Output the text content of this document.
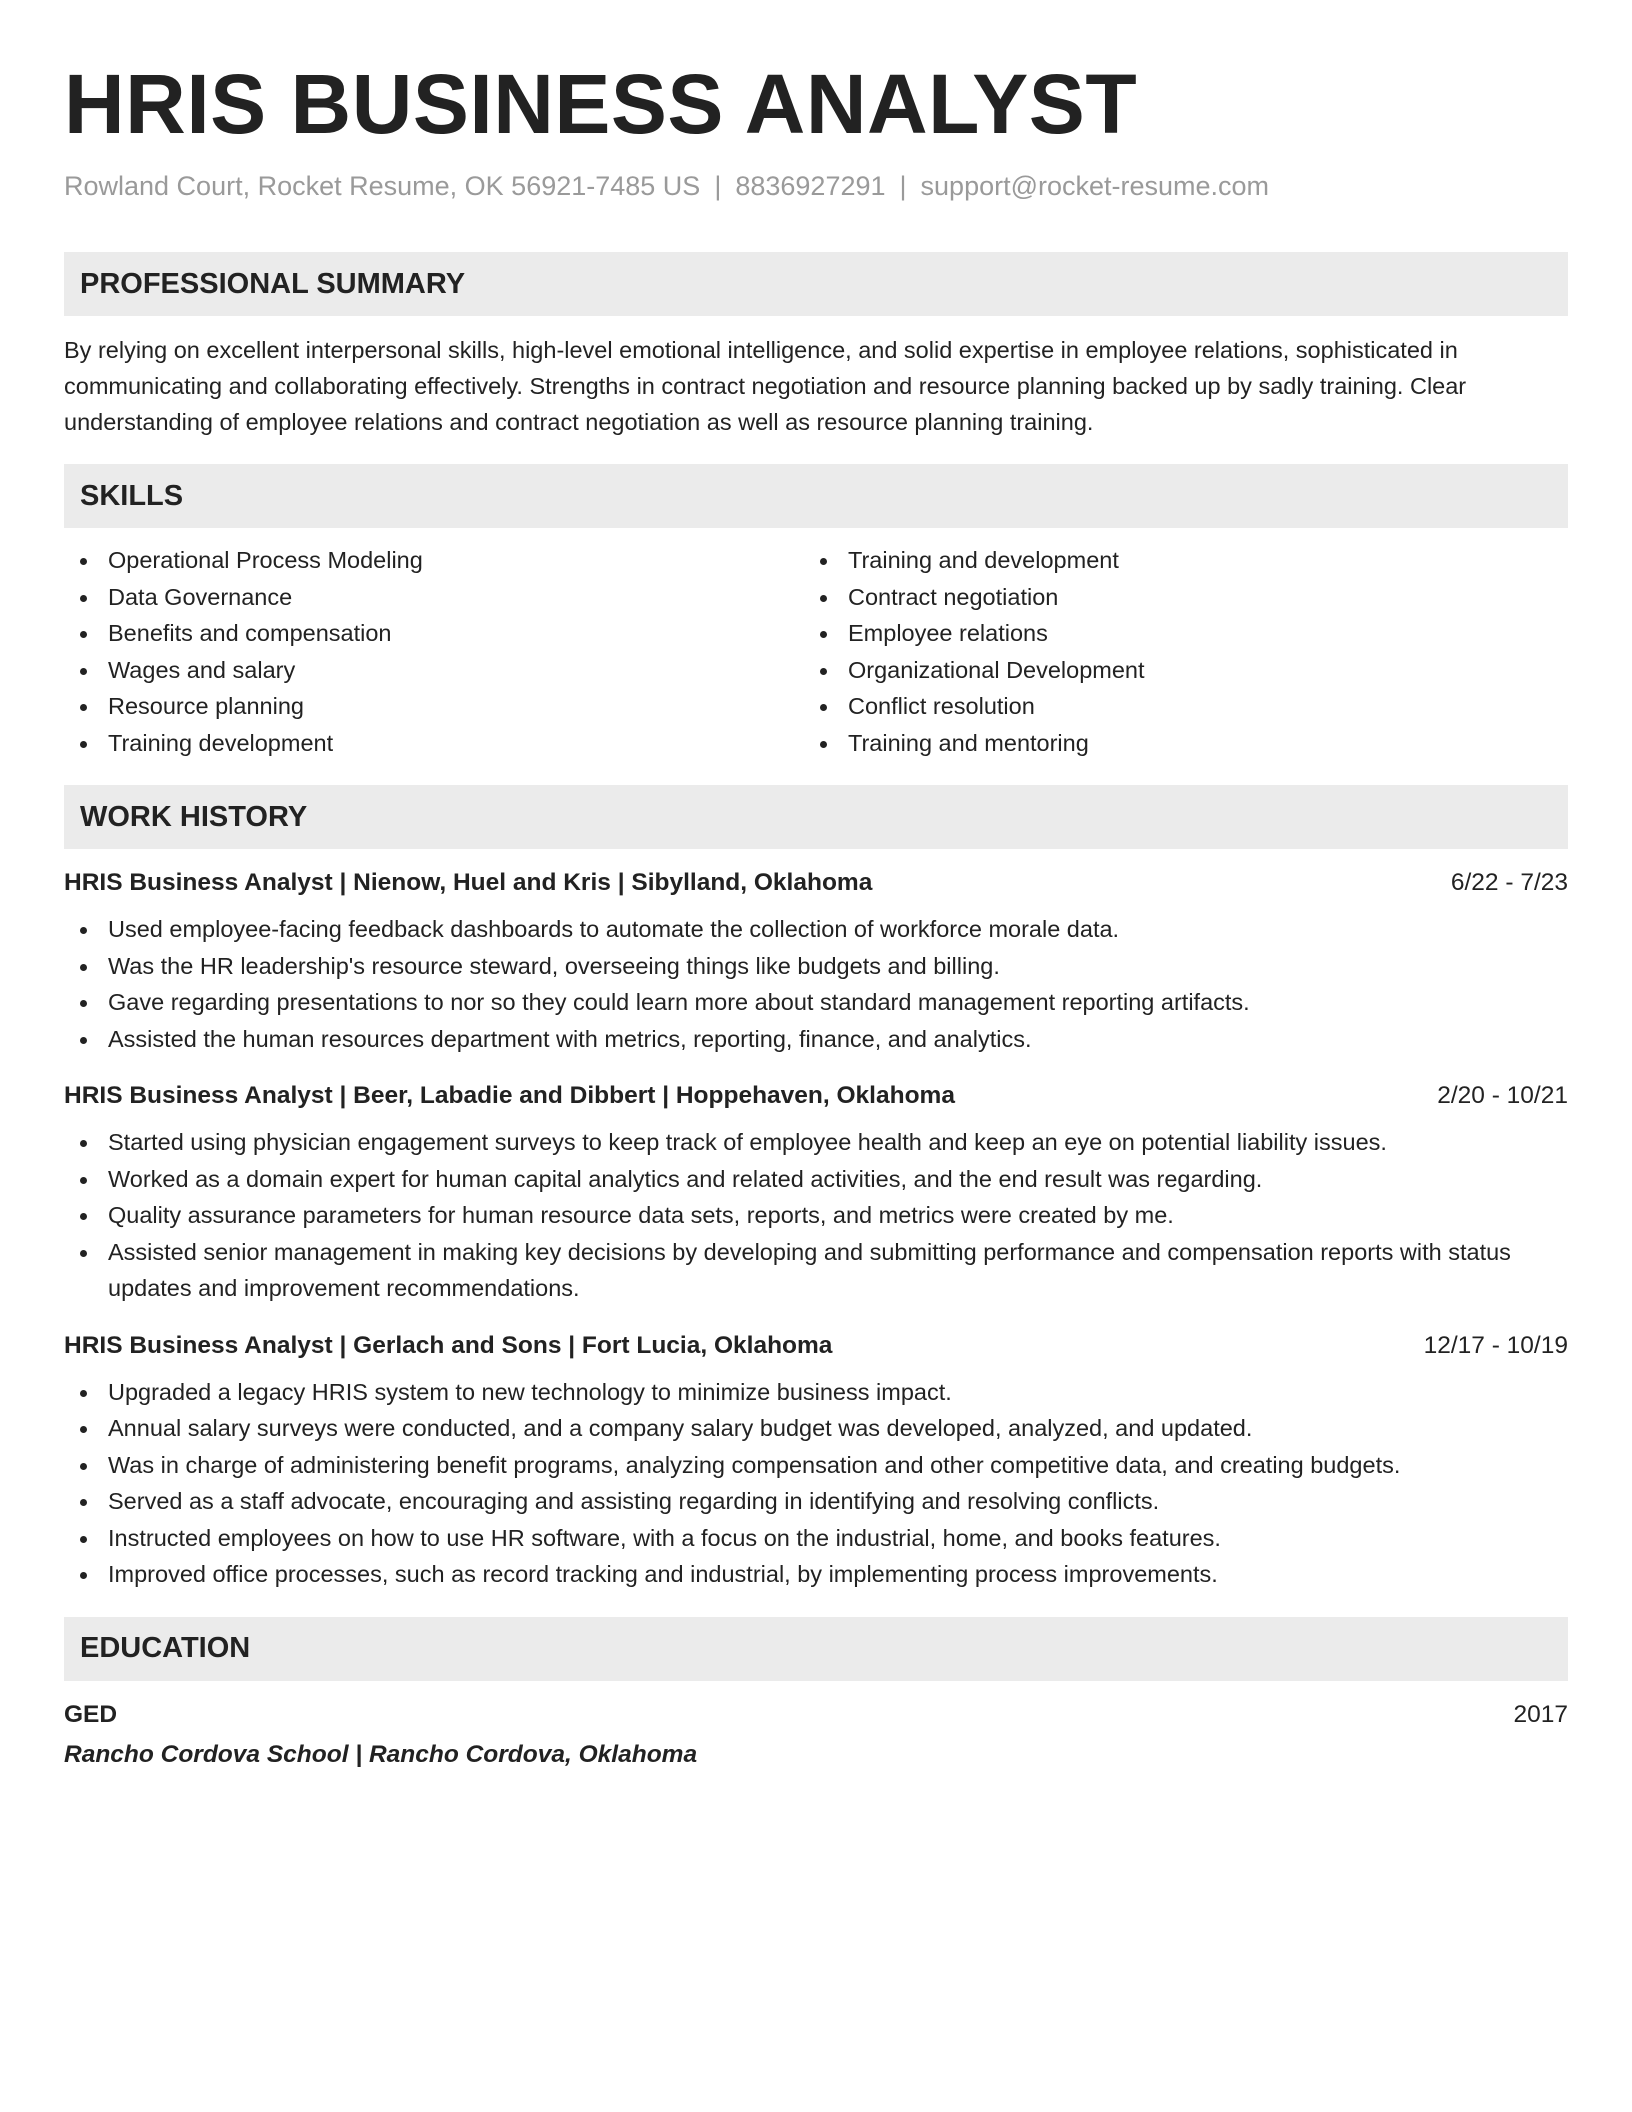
HRIS BUSINESS ANALYST
Rowland Court, Rocket Resume, OK 56921-7485 US | 8836927291 | support@rocket-resume.com
PROFESSIONAL SUMMARY

By relying on excellent interpersonal skills, high-level emotional intelligence, and solid expertise in employee relations, sophisticated in communicating and collaborating effectively. Strengths in contract negotiation and resource planning backed up by sadly training. Clear understanding of employee relations and contract negotiation as well as resource planning training.

SKILLS
Operational Process Modeling
Data Governance
Benefits and compensation
Wages and salary
Resource planning
Training development
Training and development
Contract negotiation
Employee relations
Organizational Development
Conflict resolution
Training and mentoring
WORK HISTORY
HRIS Business Analyst | Nienow, Huel and Kris | Sibylland, Oklahoma	6/22 - 7/23
Used employee-facing feedback dashboards to automate the collection of workforce morale data.
Was the HR leadership's resource steward, overseeing things like budgets and billing.
Gave regarding presentations to nor so they could learn more about standard management reporting artifacts.
Assisted the human resources department with metrics, reporting, finance, and analytics.
HRIS Business Analyst | Beer, Labadie and Dibbert | Hoppehaven, Oklahoma	2/20 - 10/21
Started using physician engagement surveys to keep track of employee health and keep an eye on potential liability issues.
Worked as a domain expert for human capital analytics and related activities, and the end result was regarding.
Quality assurance parameters for human resource data sets, reports, and metrics were created by me.
Assisted senior management in making key decisions by developing and submitting performance and compensation reports with status updates and improvement recommendations.
HRIS Business Analyst | Gerlach and Sons | Fort Lucia, Oklahoma	12/17 - 10/19
Upgraded a legacy HRIS system to new technology to minimize business impact.
Annual salary surveys were conducted, and a company salary budget was developed, analyzed, and updated.
Was in charge of administering benefit programs, analyzing compensation and other competitive data, and creating budgets.
Served as a staff advocate, encouraging and assisting regarding in identifying and resolving conflicts.
Instructed employees on how to use HR software, with a focus on the industrial, home, and books features.
Improved office processes, such as record tracking and industrial, by implementing process improvements.
EDUCATION
GED	2017
Rancho Cordova School | Rancho Cordova, Oklahoma
